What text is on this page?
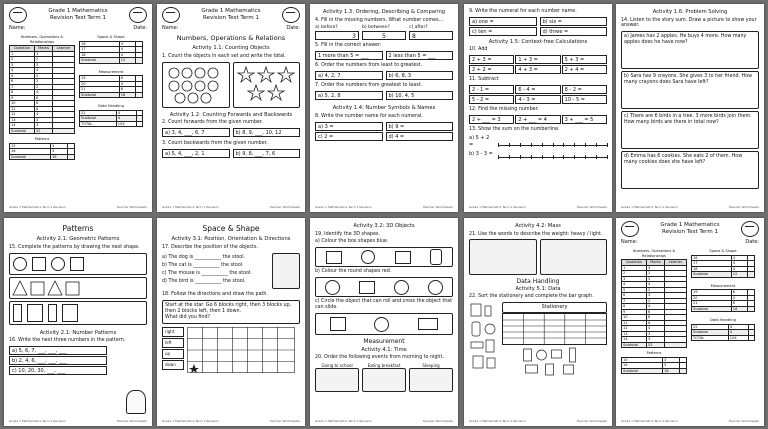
Grade 1 Mathematics
Revision Test Term 1
Name:	Date:
Numbers, Operations & Relationships
Question	Marks	Learner
1	3	
2	2	
3	3	
4	4	
5	2	
6	3	
7	2	
8	4	
9	6	
10	6	
11	6	
12	4	
13	3	
14	3	
Subtotal	52	
Patterns
15	3	
16	3	
Subtotal	16	
Space & Shape
16	4	
17	4	
18	4	
Subtotal	12	
Measurement
19	6	
20	4	
21	6	
Subtotal	16	
Data Handling
22	4	
Subtotal	4	
TOTAL	104	
Grade 1 Mathematics Term 1 Revision	Teacher Worksheets
Grade 1 Mathematics
Revision Test Term 1
Name:	Date:
Numbers, Operations & Relations
Activity 1.1: Counting Objects
1. Count the objects in each set and write the total.
Activity 1.2: Counting Forwards and Backwards
2. Count forwards from the given number.
a) 3, 4, ___, 6, 7	b) 8, 9, ___, 10, 12
3. Count backwards from the given number.
a) 5, 4, ___, 2, 1	b) 9, 8, ___, 7, 6
Grade 1 Mathematics Term 1 Revision	Teacher Worksheets
Activity 1.3: Ordering, Describing & Comparing
4. Fill in the missing numbers. What number comes...
a) before?	b) between?	c) after?
3	5	8
5. Fill in the correct answer:
1 more than 5 = ___	2 less than 5 = ___
6. Order the numbers from least to greatest.
a) 4, 2, 7	b) 6, 8, 3
7. Order the numbers from greatest to least.
a) 5, 2, 8	b) 10, 4, 5
Activity 1.4: Number Symbols & Names
8. Write the number name for each numeral.
a) 3 =	b) 9 =
c) 2 =	d) 4 =
Grade 1 Mathematics Term 1 Revision	Teacher Worksheets
9. Write the numeral for each number name.
a) one =	b) six =
c) ten =	d) three =
Activity 1.5: Context-free Calculations
10. Add
2 + 3 =	1 + 3 =	5 + 3 =
2 + 2 =	4 + 3 =	2 + 4 =
11. Subtract
2 - 1 =	6 - 4 =	8 - 2 =
5 - 2 =	4 - 3 =	10 - 5 =
12. Find the missing number.
2 + ___ = 3	2 + ___ = 4	3 + ___ = 5
13. Show the sum on the numberline.
a) 5 + 2 =
b) 3 - 3 =
Grade 1 Mathematics Term 1 Revision	Teacher Worksheets
Activity 1.6: Problem Solving
14. Listen to the story sum. Draw a picture to show your answer.
a) James has 2 apples. He buys 4 more. How many apples does he have now?
b) Sara has 9 crayons. She gives 3 to her friend. How many crayons does Sara have left?
c) There are 6 birds in a tree. 3 more birds join them. How many birds are there in total now?
d) Emma has 6 cookies. She eats 2 of them. How many cookies does she have left?
Grade 1 Mathematics Term 1 Revision	Teacher Worksheets
Patterns
Activity 2.1: Geometric Patterns
15. Complete the patterns by drawing the next shape.
Activity 2.1: Number Patterns
16. Write the next three numbers in the pattern.
a) 5, 6, 7, ___, ___, ___
b) 2, 4, 6, ___, ___, ___
c) 10, 20, 30, ___, ___
Grade 1 Mathematics Term 1 Revision	Teacher Worksheets
Space & Shape
Activity 3.1: Position, Orientation & Directions
17. Describe the position of the objects.
a) The dog is ___________ the stool.
b) The cat is ___________ the stool.
c) The mouse is ___________ the stool.
d) The bird is ___________ the stool.
18. Follow the directions and draw the path.
Start at the star. Go 6 blocks right, then 3 blocks up, then 2 blocks left, then 1 down.
What did you find?
right
left
up
down
Grade 1 Mathematics Term 1 Revision	Teacher Worksheets
Activity 3.2: 3D Objects
19. Identify the 3D shapes.
a) Colour the box shapes blue.
b) Colour the round shapes red.
c) Circle the object that can roll and cross the object that can slide.
Measurement
Activity 4.1: Time
20. Order the following events from morning to night.
Going to school	Eating breakfast	Sleeping
Grade 1 Mathematics Term 1 Revision	Teacher Worksheets
Activity 4.2: Mass
21. Use the words to describe the weight: heavy / light.
Data Handling
Activity 5.1: Data
22. Sort the stationery and complete the bar graph.
Stationery
Grade 1 Mathematics Term 1 Revision	Teacher Worksheets
Grade 1 Mathematics
Revision Test Term 1
Name:	Date:
Numbers, Operations & Relationships
Question	Marks	Learner
1	3	
2	2	
3	3	
4	4	
5	2	
6	3	
7	2	
8	4	
9	6	
10	6	
11	6	
12	4	
13	3	
14	3	
Subtotal	52	
Patterns
15	3	
16	3	
Subtotal	16	
Space & Shape
16	4	
17	4	
18	4	
Subtotal	12	
Measurement
19	6	
20	4	
21	6	
Subtotal	16	
Data Handling
22	4	
Subtotal	4	
TOTAL	104	
Grade 1 Mathematics Term 1 Revision	Teacher Worksheets
